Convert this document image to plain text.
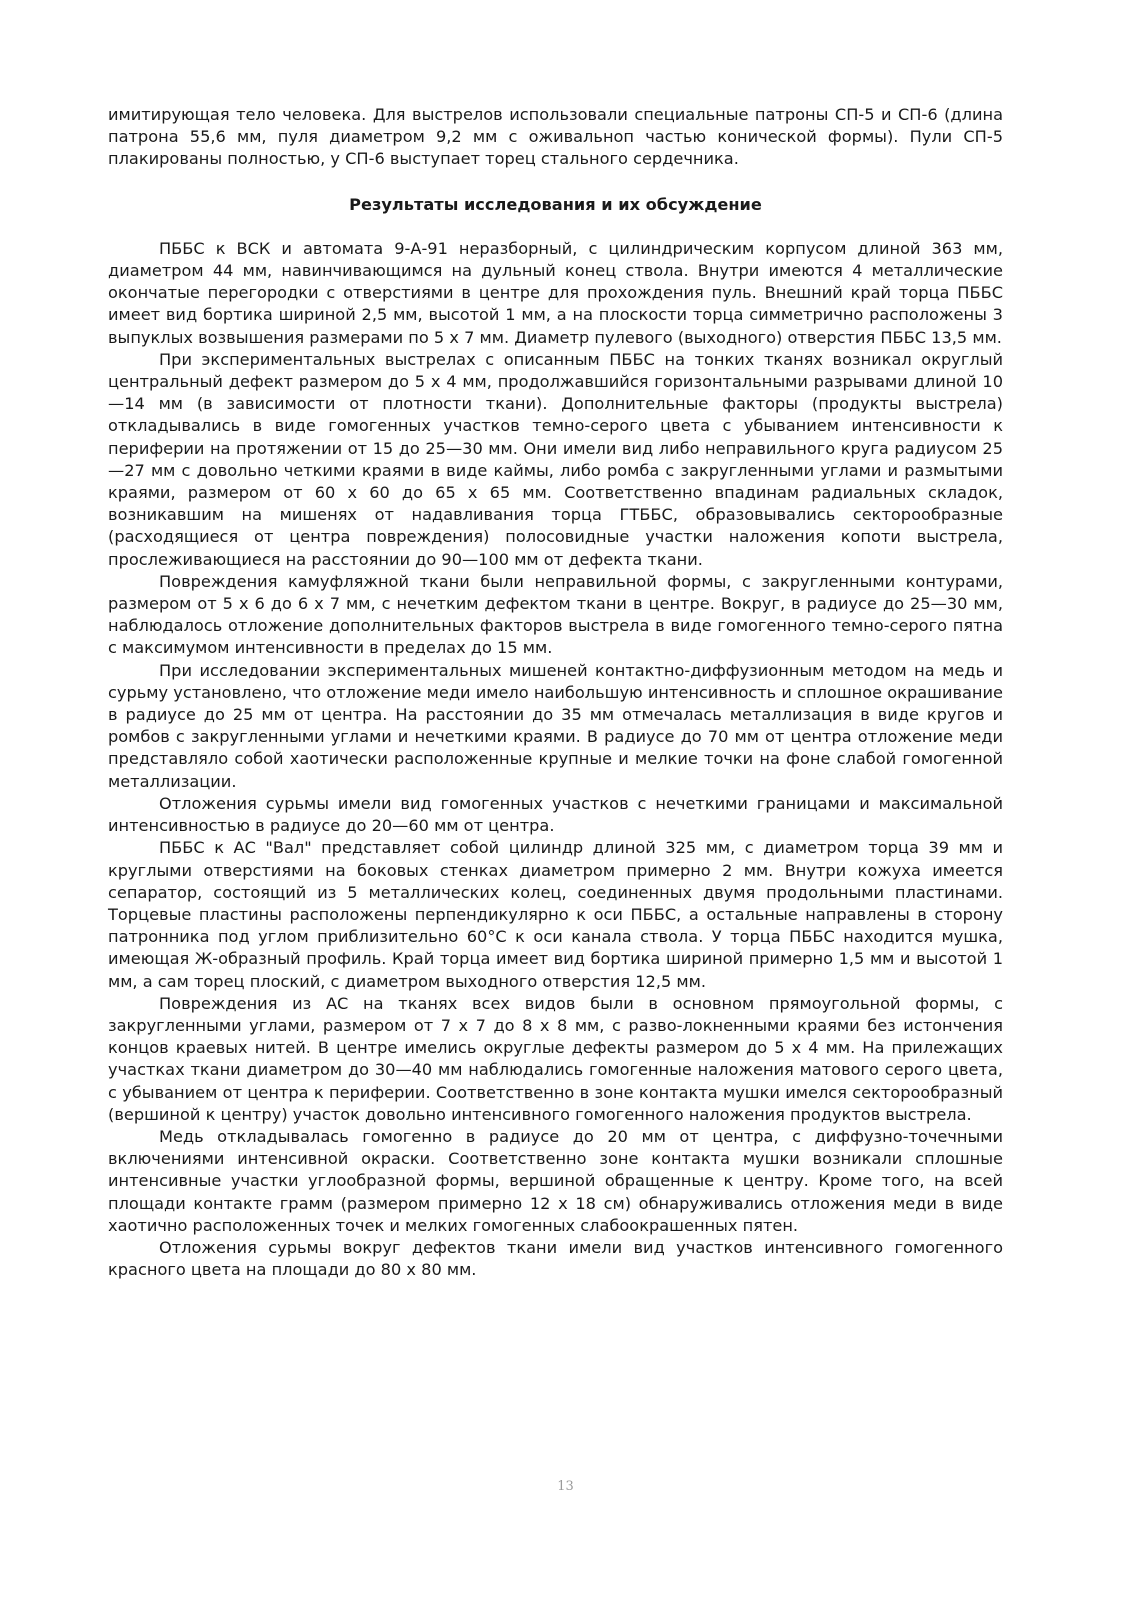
имитирующая тело человека. Для выстрелов использовали специальные патроны СП-5 и СП-6 (длина патрона 55,6 мм, пуля диаметром 9,2 мм с оживальноп частью конической формы). Пули СП-5 плакированы полностью, у СП-6 выступает торец стального сердечника.

Результаты исследования и их обсуждение

ПББС к ВСК и автомата 9-А-91 неразборный, с цилиндрическим корпусом длиной 363 мм, диаметром 44 мм, навинчивающимся на дульный конец ствола. Внутри имеются 4 металлические окончатые перегородки с отверстиями в центре для прохождения пуль. Внешний край торца ПББС имеет вид бортика шириной 2,5 мм, высотой 1 мм, а на плоскости торца симметрично расположены 3 выпуклых возвышения размерами по 5 x 7 мм. Диаметр пулевого (выходного) отверстия ПББС 13,5 мм.

При экспериментальных выстрелах с описанным ПББС на тонких тканях возникал округлый центральный дефект размером до 5 x 4 мм, продолжавшийся горизонтальными разрывами длиной 10—14 мм (в зависимости от плотности ткани). Дополнительные факторы (продукты выстрела) откладывались в виде гомогенных участков темно-серого цвета с убыванием интенсивности к периферии на протяжении от 15 до 25—30 мм. Они имели вид либо неправильного круга радиусом 25—27 мм с довольно четкими краями в виде каймы, либо ромба с закругленными углами и размытыми краями, размером от 60 x 60 до 65 x 65 мм. Соответственно впадинам радиальных складок, возникавшим на мишенях от надавливания торца ГТББС, образовывались секторообразные (расходящиеся от центра повреждения) полосовидные участки наложения копоти выстрела, прослеживающиеся на расстоянии до 90—100 мм от дефекта ткани.

Повреждения камуфляжной ткани были неправильной формы, с закругленными контурами, размером от 5 x 6 до 6 x 7 мм, с нечетким дефектом ткани в центре. Вокруг, в радиусе до 25—30 мм, наблюдалось отложение дополнительных факторов выстрела в виде гомогенного темно-серого пятна с максимумом интенсивности в пределах до 15 мм.

При исследовании экспериментальных мишеней контактно-диффузионным методом на медь и сурьму установлено, что отложение меди имело наибольшую интенсивность и сплошное окрашивание в радиусе до 25 мм от центра. На расстоянии до 35 мм отмечалась металлизация в виде кругов и ромбов с закругленными углами и нечеткими краями. В радиусе до 70 мм от центра отложение меди представляло собой хаотически расположенные крупные и мелкие точки на фоне слабой гомогенной металлизации.

Отложения сурьмы имели вид гомогенных участков с нечеткими границами и максимальной интенсивностью в радиусе до 20—60 мм от центра.

ПББС к АС "Вал" представляет собой цилиндр длиной 325 мм, с диаметром торца 39 мм и круглыми отверстиями на боковых стенках диаметром примерно 2 мм. Внутри кожуха имеется сепаратор, состоящий из 5 металлических колец, соединенных двумя продольными пластинами. Торцевые пластины расположены перпендикулярно к оси ПББС, а остальные направлены в сторону патронника под углом приблизительно 60°С к оси канала ствола. У торца ПББС находится мушка, имеющая Ж-образный профиль. Край торца имеет вид бортика шириной примерно 1,5 мм и высотой 1 мм, а сам торец плоский, с диаметром выходного отверстия 12,5 мм.

Повреждения из АС на тканях всех видов были в основном прямоугольной формы, с закругленными углами, размером от 7 x 7 до 8 x 8 мм, с разво-локненными краями без истончения концов краевых нитей. В центре имелись округлые дефекты размером до 5 x 4 мм. На прилежащих участках ткани диаметром до 30—40 мм наблюдались гомогенные наложения матового серого цвета, с убыванием от центра к периферии. Соответственно в зоне контакта мушки имелся секторообразный (вершиной к центру) участок довольно интенсивного гомогенного наложения продуктов выстрела.

Медь откладывалась гомогенно в радиусе до 20 мм от центра, с диффузно-точечными включениями интенсивной окраски. Соответственно зоне контакта мушки возникали сплошные интенсивные участки углообразной формы, вершиной обращенные к центру. Кроме того, на всей площади контакте грамм (размером примерно 12 x 18 см) обнаруживались отложения меди в виде хаотично расположенных точек и мелких гомогенных слабоокрашенных пятен.

Отложения сурьмы вокруг дефектов ткани имели вид участков интенсивного гомогенного красного цвета на площади до 80 x 80 мм.

13
